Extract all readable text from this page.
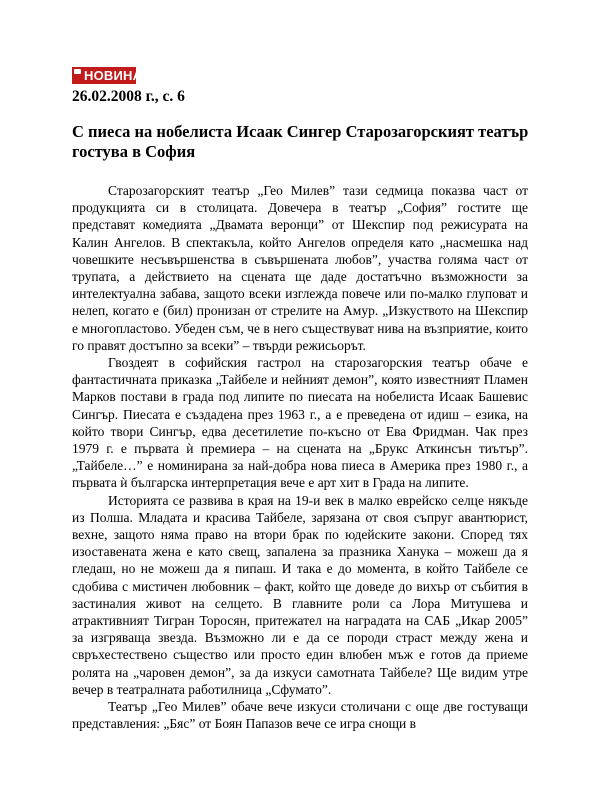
НОВИНАР
26.02.2008 г., с. 6
С пиеса на нобелиста Исаак Сингер Старозагорският театър гостува в София

Старозагорският театър „Гео Милев” тази седмица показва част от продукцията си в столицата. Довечера в театър „София” гостите ще представят комедията „Двамата веронци” от Шекспир под режисурата на Калин Ангелов. В спектакъла, който Ангелов определя като „насмешка над човешките несъвършенства в съвършената любов”, участва голяма част от трупата, а действието на сцената ще даде достатъчно възможности за интелектуална забава, защото всеки изглежда повече или по-малко глуповат и нелеп, когато е (бил) пронизан от стрелите на Амур. „Изкуството на Шекспир е многопластово. Убеден съм, че в него съществуват нива на възприятие, които го правят достъпно за всеки” – твърди режисьорът.

Гвоздеят в софийския гастрол на старозагорския театър обаче е фантастичната приказка „Тайбеле и нейният демон”, която известният Пламен Марков постави в града под липите по пиесата на нобелиста Исаак Башевис Сингър. Пиесата е създадена през 1963 г., а е преведена от идиш – езика, на който твори Сингър, едва десетилетие по-късно от Ева Фридман. Чак през 1979 г. е първата ѝ премиера – на сцената на „Брукс Аткинсън тиътър”. „Тайбеле…” е номинирана за най-добра нова пиеса в Америка през 1980 г., а първата ѝ българска интерпретация вече е арт хит в Града на липите.

Историята се развива в края на 19-и век в малко еврейско селце някъде из Полша. Младата и красива Тайбеле, зарязана от своя съпруг авантюрист, вехне, защото няма право на втори брак по юдейските закони. Според тях изоставената жена е като свещ, запалена за празника Ханука – можеш да я гледаш, но не можеш да я пипаш. И така е до момента, в който Тайбеле се сдобива с мистичен любовник – факт, който ще доведе до вихър от събития в застиналия живот на селцето. В главните роли са Лора Митушева и атрактивният Тигран Торосян, притежател на наградата на САБ „Икар 2005” за изгряваща звезда. Възможно ли е да се породи страст между жена и свръхестествено същество или просто един влюбен мъж е готов да приеме ролята на „чаровен демон”, за да изкуси самотната Тайбеле? Ще видим утре вечер в театралната работилница „Сфумато”.

Театър „Гео Милев” обаче вече изкуси столичани с още две гостуващи представления: „Бяс” от Боян Папазов вече се игра снощи в
